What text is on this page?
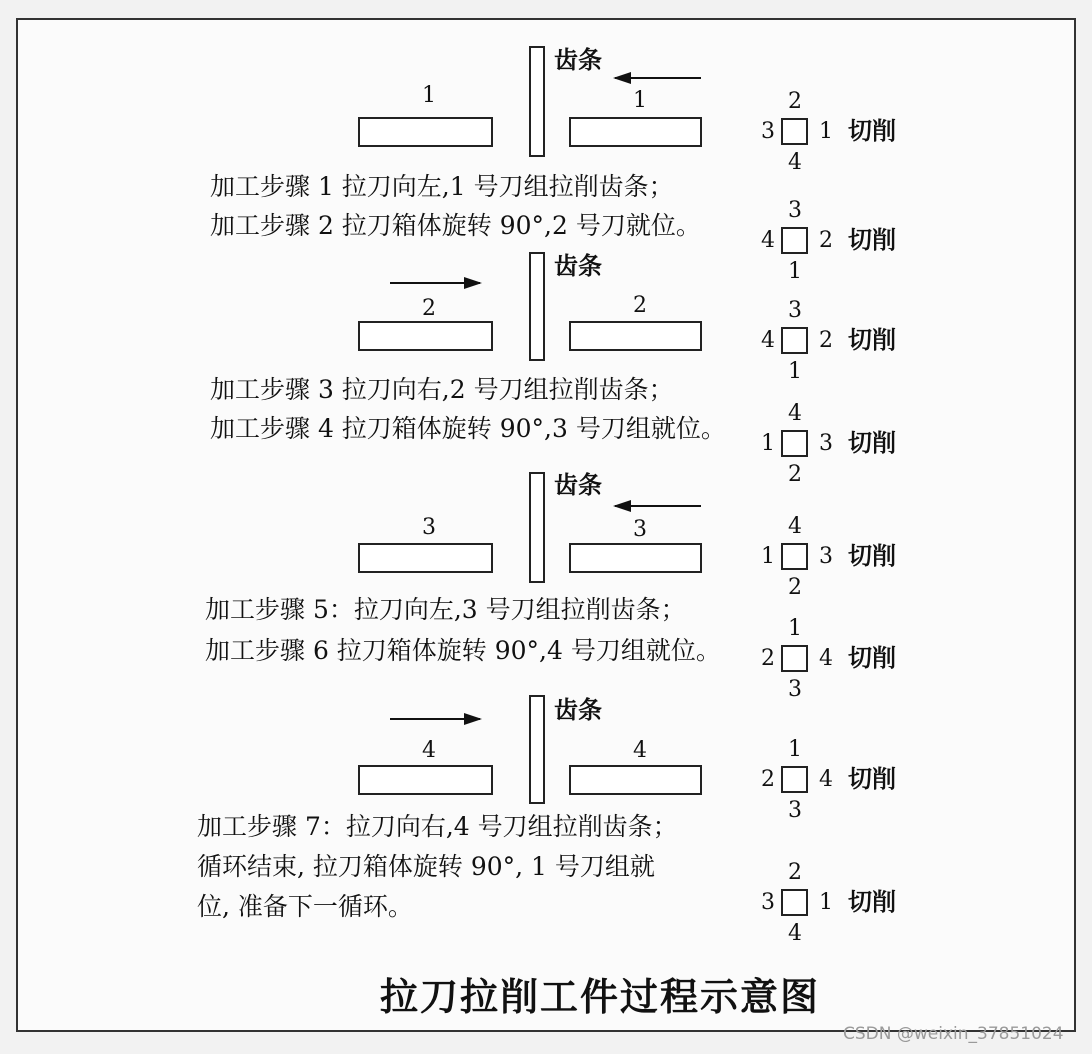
齿条
1	1
加工步骤 1 拉刀向左,1 号刀组拉削齿条；
加工步骤 2 拉刀箱体旋转 90°,2 号刀就位。
齿条
2	2
加工步骤 3 拉刀向右,2 号刀组拉削齿条；
加工步骤 4 拉刀箱体旋转 90°,3 号刀组就位。
齿条
3	3
加工步骤 5：拉刀向左,3 号刀组拉削齿条；
加工步骤 6 拉刀箱体旋转 90°,4 号刀组就位。
齿条
4	4
加工步骤 7：拉刀向右,4 号刀组拉削齿条；
循环结束, 拉刀箱体旋转 90°, 1 号刀组就
位, 准备下一循环。
2
3 1
4
切削
3
4 2
1
切削
3
4 2
1
切削
4
1 3
2
切削
4
1 3
2
切削
1
2 4
3
切削
1
2 4
3
切削
2
3 1
4
切削
拉刀拉削工件过程示意图
CSDN @weixin_37851024
